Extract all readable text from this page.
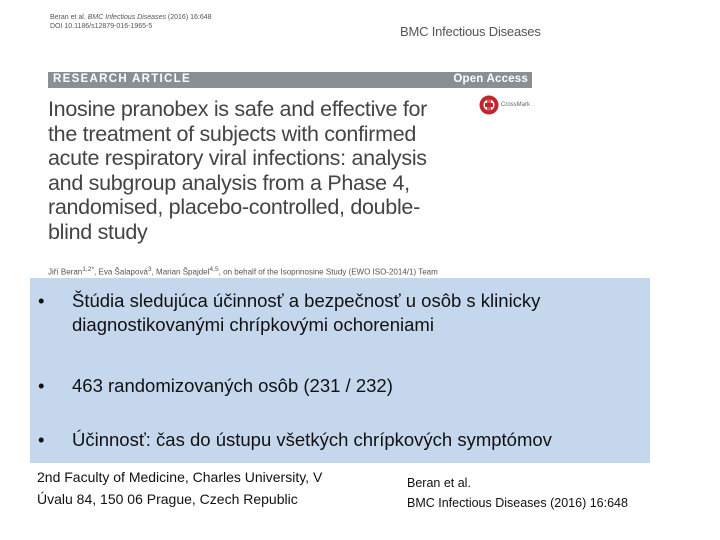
Beran et al. BMC Infectious Diseases (2016) 16:648
DOI 10.1186/s12879-016-1965-5	BMC Infectious Diseases
RESEARCH ARTICLE	Open Access
CrossMark
Inosine pranobex is safe and effective for the treatment of subjects with confirmed acute respiratory viral infections: analysis and subgroup analysis from a Phase 4, randomised, placebo-controlled, double-blind study
Jiří Beran$^{1,2*}$, Eva Šalapová$^3$, Marian Špajdel$^{4,5}$, on behalf of the Isoprinosine Study (EWO ISO-2014/1) Team
•	Štúdia sledujúca účinnosť a bezpečnosť u osôb s klinicky diagnostikovanými chrípkovými ochoreniami
•	463 randomizovaných osôb (231 / 232)
•	Účinnosť: čas do ústupu všetkých chrípkových symptómov
2nd Faculty of Medicine, Charles University, V
Úvalu 84, 150 06 Prague, Czech Republic
Beran et al.
BMC Infectious Diseases (2016) 16:648
